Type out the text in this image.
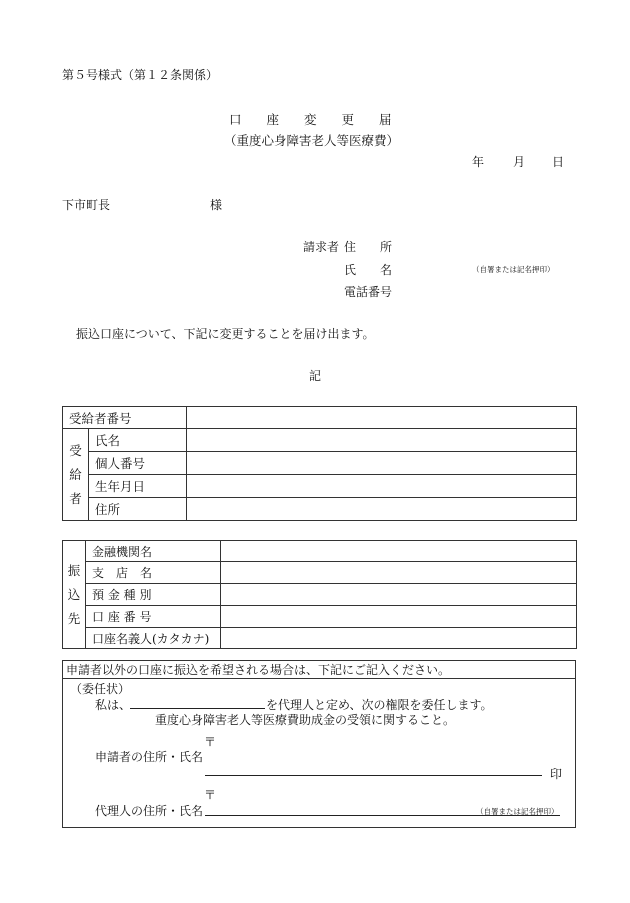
第５号様式（第１２条関係）
口　　座　　変　　更　　届
（重度心身障害老人等医療費）
年 月 日
下市町長	様
請求者 住　　所
氏　　名	（自署または記名押印）
電話番号
振込口座について、下記に変更することを届け出ます。
記
受給者番号		
受
給
者	氏名	
	個人番号	
	生年月日	
	住所	
振
込
先	金融機関名	
	支　店　名	
	預 金 種 別	
	口 座 番 号	
	口座名義人(カタカナ)	
申請者以外の口座に振込を希望される場合は、下記にご記入ください。
（委任状）
私は、	を代理人と定め、次の権限を委任します。
重度心身障害老人等医療費助成金の受領に関すること。
〒
申請者の住所・氏名
印
〒
代理人の住所・氏名	（自署または記名押印）
